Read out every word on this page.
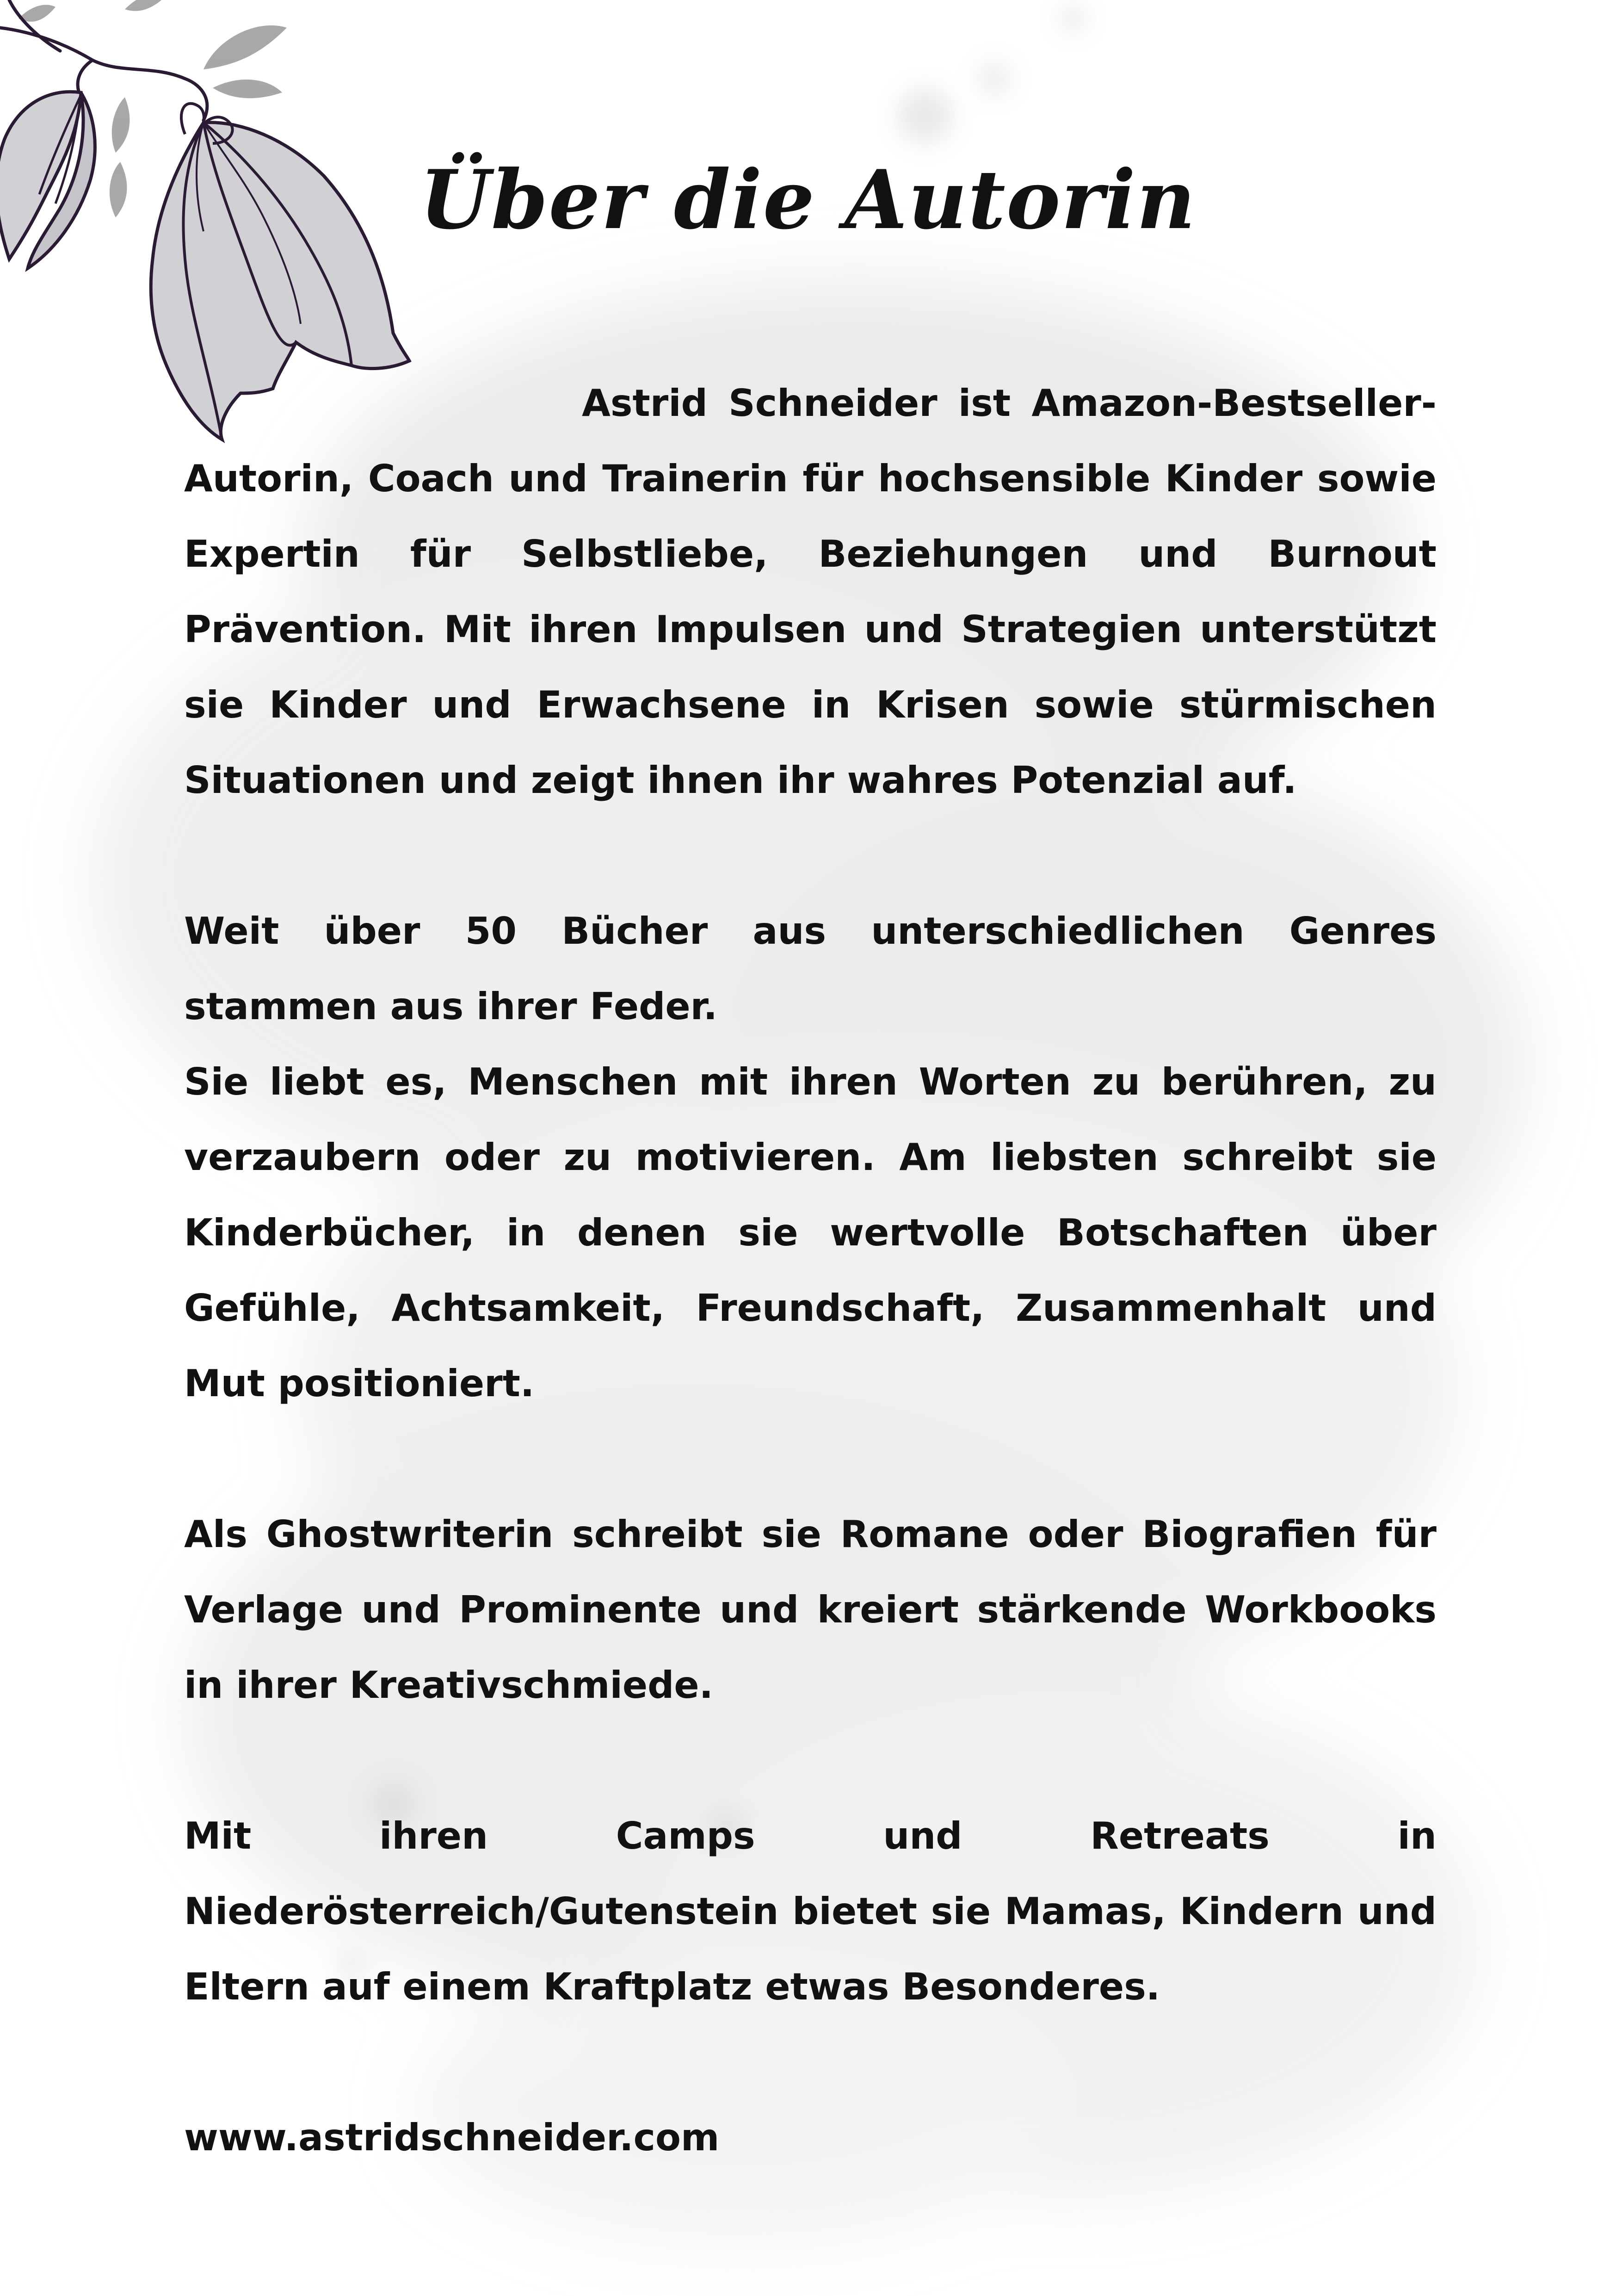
Über die Autorin

Astrid Schneider ist Amazon-Bestseller-Autorin, Coach und Trainerin für hochsensible Kinder sowie Expertin für Selbstliebe, Beziehungen und Burnout Prävention. Mit ihren Impulsen und Strategien unterstützt sie Kinder und Erwachsene in Krisen sowie stürmischen Situationen und zeigt ihnen ihr wahres Potenzial auf.

Weit über 50 Bücher aus unterschiedlichen Genres stammen aus ihrer Feder.

Sie liebt es, Menschen mit ihren Worten zu berühren, zu verzaubern oder zu motivieren. Am liebsten schreibt sie Kinderbücher, in denen sie wertvolle Botschaften über Gefühle, Achtsamkeit, Freundschaft, Zusammenhalt und Mut positioniert.

Als Ghostwriterin schreibt sie Romane oder Biografien für Verlage und Prominente und kreiert stärkende Workbooks in ihrer Kreativschmiede.

Mit ihren Camps und Retreats in Niederösterreich/Gutenstein bietet sie Mamas, Kindern und Eltern auf einem Kraftplatz etwas Besonderes.

www.astridschneider.com
